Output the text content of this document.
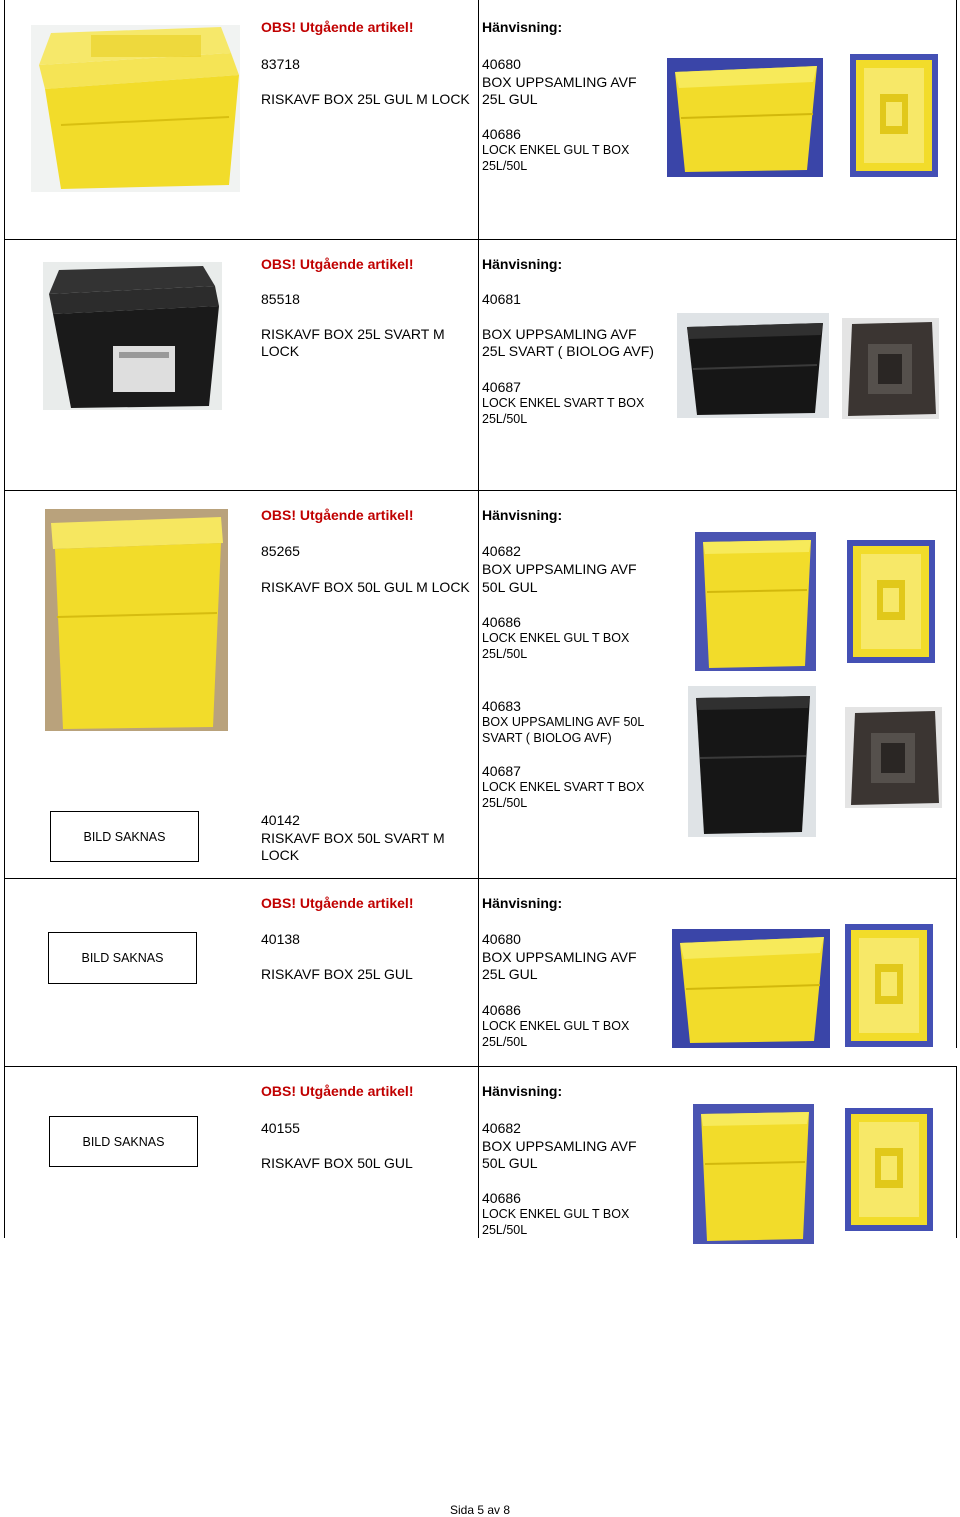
OBS! Utgående artikel!
83718
RISKAVF BOX 25L GUL M LOCK
Hänvisning:
40680
BOX UPPSAMLING AVF
25L GUL
40686
LOCK ENKEL GUL T BOX
25L/50L
OBS! Utgående artikel!
85518
RISKAVF BOX 25L SVART M
LOCK
Hänvisning:
40681
BOX UPPSAMLING AVF
25L SVART ( BIOLOG AVF)
40687
LOCK ENKEL SVART T BOX
25L/50L
OBS! Utgående artikel!
85265
RISKAVF BOX 50L GUL M LOCK
Hänvisning:
40682
BOX UPPSAMLING AVF
50L GUL
40686
LOCK ENKEL GUL T BOX
25L/50L
40683
BOX UPPSAMLING AVF 50L
SVART ( BIOLOG AVF)
40687
LOCK ENKEL SVART T BOX
25L/50L
BILD SAKNAS
40142
RISKAVF BOX 50L SVART M
LOCK
BILD SAKNAS
OBS! Utgående artikel!
40138
RISKAVF BOX 25L GUL
Hänvisning:
40680
BOX UPPSAMLING AVF
25L GUL
40686
LOCK ENKEL GUL T BOX
25L/50L
BILD SAKNAS
OBS! Utgående artikel!
40155
RISKAVF BOX 50L GUL
Hänvisning:
40682
BOX UPPSAMLING AVF
50L GUL
40686
LOCK ENKEL GUL T BOX
25L/50L
Sida 5 av 8
